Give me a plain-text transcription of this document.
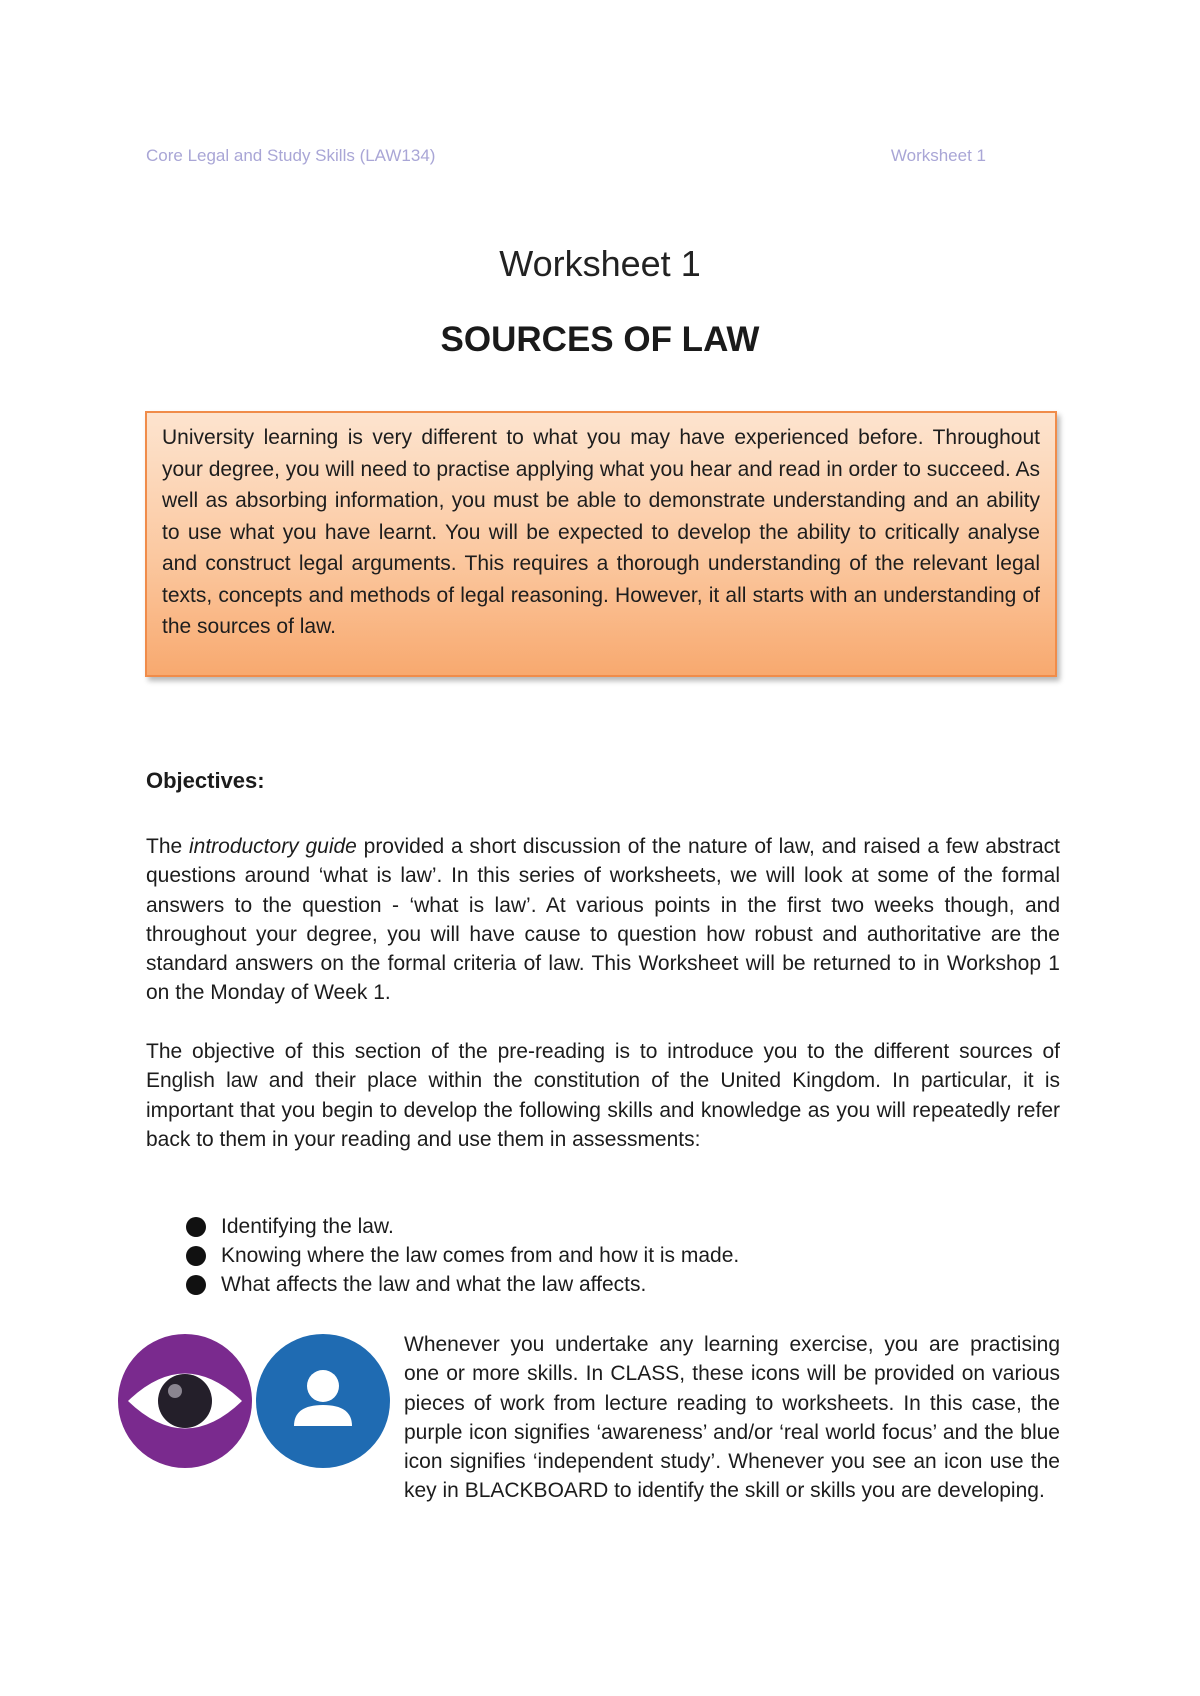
Core Legal and Study Skills (LAW134)	Worksheet 1
Worksheet 1
SOURCES OF LAW

University learning is very different to what you may have experienced before. Throughout your degree, you will need to practise applying what you hear and read in order to succeed. As well as absorbing information, you must be able to demonstrate understanding and an ability to use what you have learnt. You will be expected to develop the ability to critically analyse and construct legal arguments. This requires a thorough understanding of the relevant legal texts, concepts and methods of legal reasoning. However, it all starts with an understanding of the sources of law.

Objectives:

The introductory guide provided a short discussion of the nature of law, and raised a few abstract questions around ‘what is law’. In this series of worksheets, we will look at some of the formal answers to the question - ‘what is law’. At various points in the first two weeks though, and throughout your degree, you will have cause to question how robust and authoritative are the standard answers on the formal criteria of law. This Worksheet will be returned to in Workshop 1 on the Monday of Week 1.

The objective of this section of the pre-reading is to introduce you to the different sources of English law and their place within the constitution of the United Kingdom. In particular, it is important that you begin to develop the following skills and knowledge as you will repeatedly refer back to them in your reading and use them in assessments:

Identifying the law.
Knowing where the law comes from and how it is made.
What affects the law and what the law affects.

Whenever you undertake any learning exercise, you are practising one or more skills. In CLASS, these icons will be provided on various pieces of work from lecture reading to worksheets. In this case, the purple icon signifies ‘awareness’ and/or ‘real world focus’ and the blue icon signifies ‘independent study’. Whenever you see an icon use the key in BLACKBOARD to identify the skill or skills you are developing.
